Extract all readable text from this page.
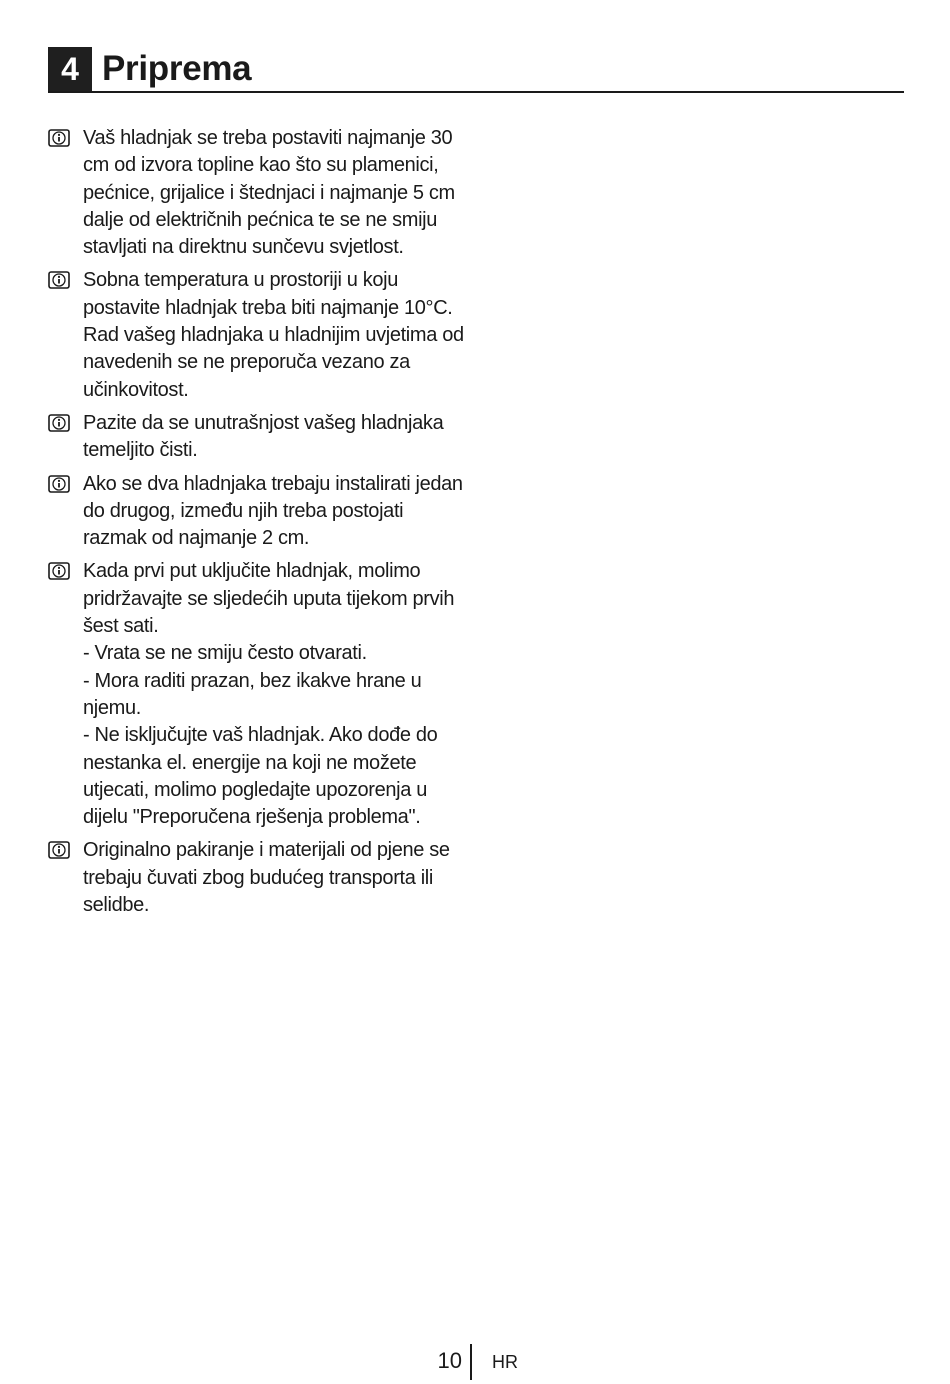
4 Priprema

Vaš hladnjak se treba postaviti najmanje 30 cm od izvora topline kao što su plamenici, pećnice, grijalice i štednjaci i najmanje 5 cm dalje od električnih pećnica te se ne smiju stavljati na direktnu sunčevu svjetlost.

Sobna temperatura u prostoriji u koju postavite hladnjak treba biti najmanje 10°C. Rad vašeg hladnjaka u hladnijim uvjetima od navedenih se ne preporuča vezano za učinkovitost.

Pazite da se unutrašnjost vašeg hladnjaka temeljito čisti.

Ako se dva hladnjaka trebaju instalirati jedan do drugog, između njih treba postojati razmak od najmanje 2 cm.

Kada prvi put uključite hladnjak, molimo pridržavajte se sljedećih uputa tijekom prvih šest sati.

- Vrata se ne smiju često otvarati.

- Mora raditi prazan, bez ikakve hrane u njemu.

- Ne isključujte vaš hladnjak. Ako dođe do nestanka el. energije na koji ne možete utjecati, molimo pogledajte upozorenja u dijelu "Preporučena rješenja problema".

Originalno pakiranje i materijali od pjene se trebaju čuvati zbog budućeg transporta ili selidbe.

10 HR
